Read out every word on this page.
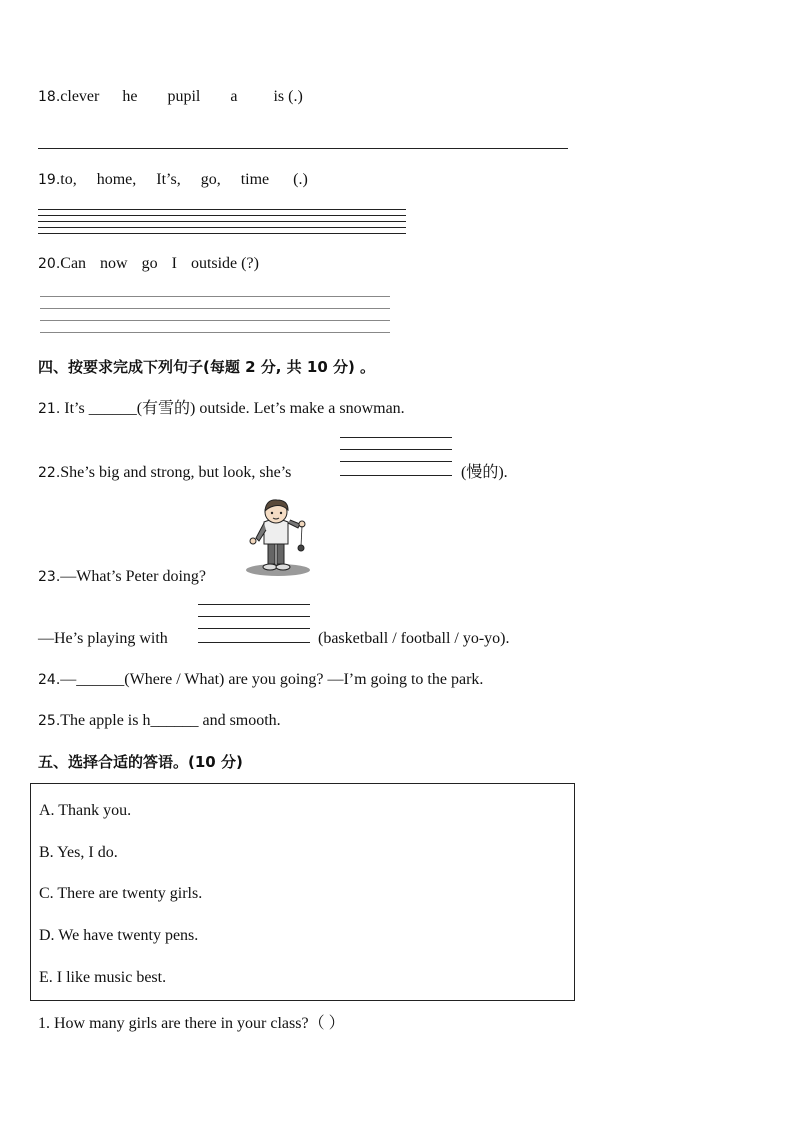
18.clever he pupil a is (.)
19.to, home, It’s, go, time (.)
20.Can now go I outside (?)
四、按要求完成下列句子(每题 2 分, 共 10 分) 。
21. It’s ______(有雪的) outside. Let’s make a snowman.
22.She’s big and strong, but look, she’s	(慢的).
23.—What’s Peter doing?
—He’s playing with	(basketball / football / yo-yo).
24.—______(Where / What) are you going? —I’m going to the park.
25.The apple is h______ and smooth.
五、选择合适的答语。(10 分)
A. Thank you.
B. Yes, I do.
C. There are twenty girls.
D. We have twenty pens.
E. I like music best.
1. How many girls are there in your class?（ ）
